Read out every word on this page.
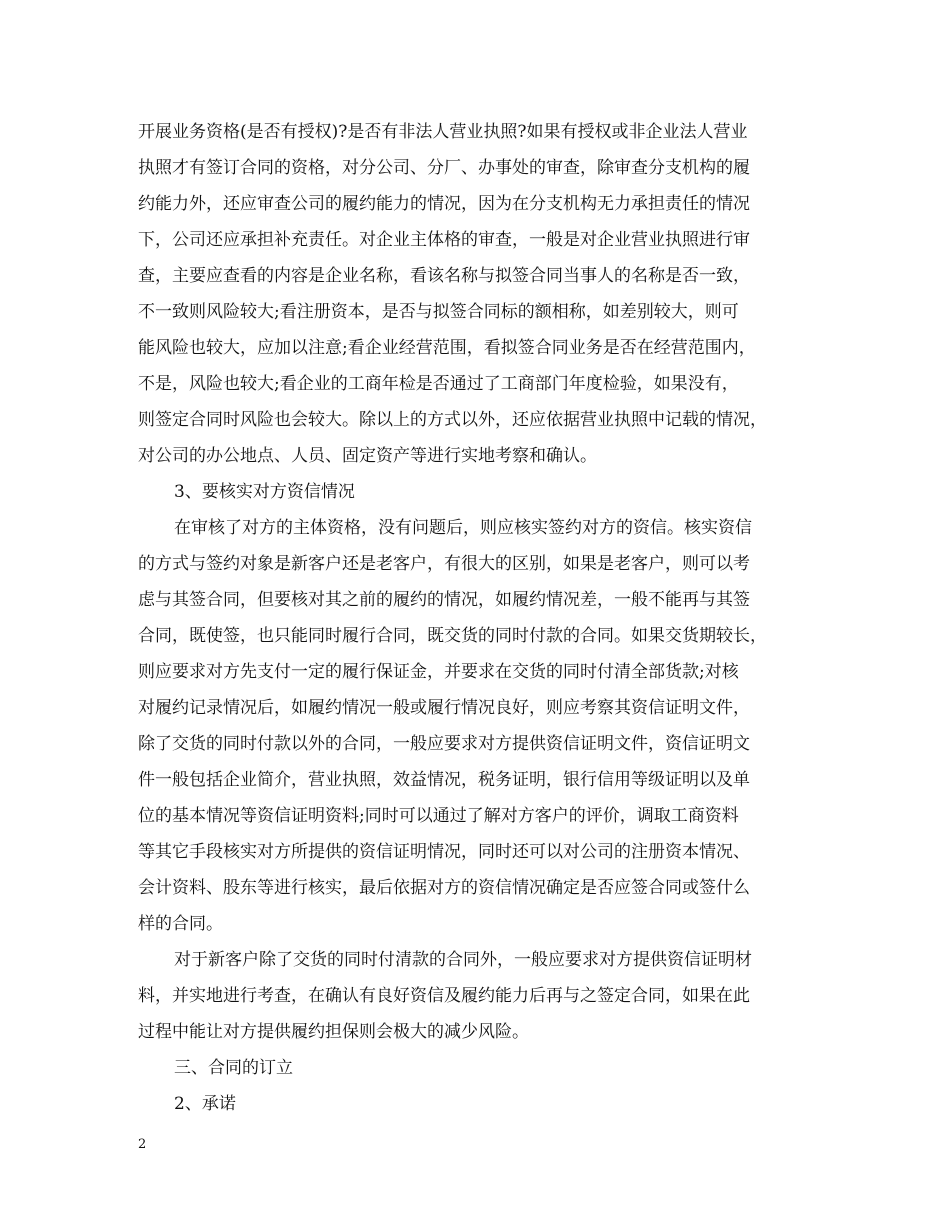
开展业务资格(是否有授权)?是否有非法人营业执照?如果有授权或非企业法人营业
执照才有签订合同的资格，对分公司、分厂、办事处的审查，除审查分支机构的履
约能力外，还应审查公司的履约能力的情况，因为在分支机构无力承担责任的情况
下，公司还应承担补充责任。对企业主体格的审查，一般是对企业营业执照进行审
查，主要应查看的内容是企业名称，看该名称与拟签合同当事人的名称是否一致，
不一致则风险较大;看注册资本，是否与拟签合同标的额相称，如差别较大，则可
能风险也较大，应加以注意;看企业经营范围，看拟签合同业务是否在经营范围内，
不是，风险也较大;看企业的工商年检是否通过了工商部门年度检验，如果没有，
则签定合同时风险也会较大。除以上的方式以外，还应依据营业执照中记载的情况，
对公司的办公地点、人员、固定资产等进行实地考察和确认。
3、要核实对方资信情况
在审核了对方的主体资格，没有问题后，则应核实签约对方的资信。核实资信
的方式与签约对象是新客户还是老客户，有很大的区别，如果是老客户，则可以考
虑与其签合同，但要核对其之前的履约的情况，如履约情况差，一般不能再与其签
合同，既使签，也只能同时履行合同，既交货的同时付款的合同。如果交货期较长，
则应要求对方先支付一定的履行保证金，并要求在交货的同时付清全部货款;对核
对履约记录情况后，如履约情况一般或履行情况良好，则应考察其资信证明文件，
除了交货的同时付款以外的合同，一般应要求对方提供资信证明文件，资信证明文
件一般包括企业简介，营业执照，效益情况，税务证明，银行信用等级证明以及单
位的基本情况等资信证明资料;同时可以通过了解对方客户的评价，调取工商资料
等其它手段核实对方所提供的资信证明情况，同时还可以对公司的注册资本情况、
会计资料、股东等进行核实，最后依据对方的资信情况确定是否应签合同或签什么
样的合同。
对于新客户除了交货的同时付清款的合同外，一般应要求对方提供资信证明材
料，并实地进行考查，在确认有良好资信及履约能力后再与之签定合同，如果在此
过程中能让对方提供履约担保则会极大的减少风险。
三、合同的订立
2、承诺
2
